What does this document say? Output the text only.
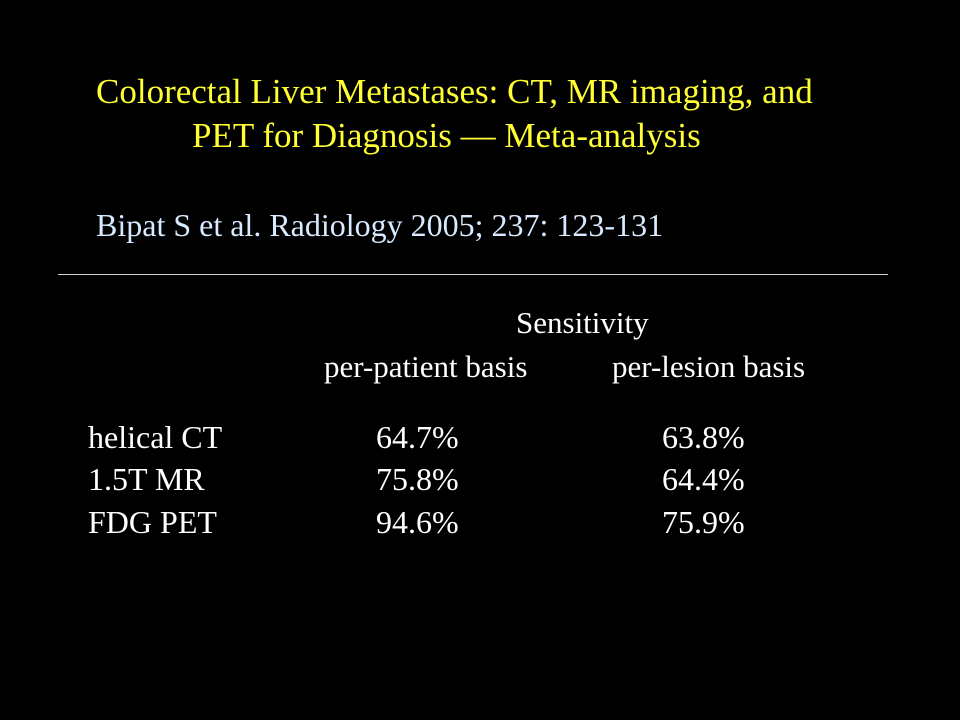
Colorectal Liver Metastases: CT, MR imaging, and
PET for Diagnosis — Meta-analysis
Bipat S et al. Radiology 2005; 237: 123-131
Sensitivity
per-patient basis	per-lesion basis
helical CT	64.7%	63.8%
1.5T MR	75.8%	64.4%
FDG PET	94.6%	75.9%
